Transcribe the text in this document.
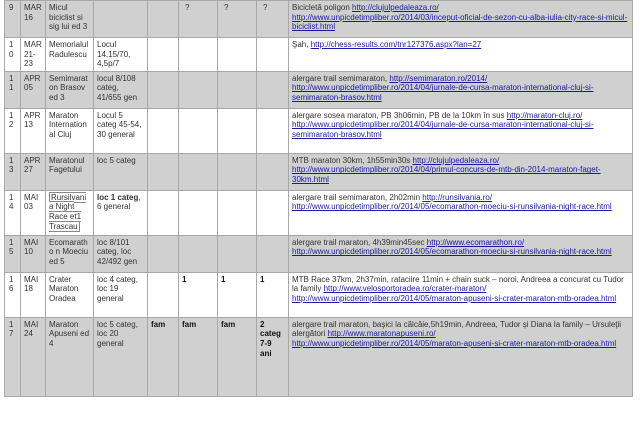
9	MAR 16	Micul biciclist si sig lui ed 3			?	?	?	Bicicletă poligon http://clujulpedaleaza.ro/
http://www.unpicdetimpliber.ro/2014/03/inceput-oficial-de-sezon-cu-alba-iulia-city-race-si-micul-biciclist.html
10	MAR 21-23	Memorialul Radulescu	Locul 14,15/70, 4,5p/7					Şah, http://chess-results.com/tnr127376.aspx?lan=27
11	APR 05	Semimaraton Brasov ed 3	locul 8/108 categ, 41/655 gen					alergare trail semimaraton, http://semimaraton.ro/2014/
http://www.unpicdetimpliber.ro/2014/04/jurnale-de-cursa-maraton-international-cluj-si-semimaraton-brasov.html
12	APR 13	Maraton International Cluj	Locul 5 categ 45-54, 30 general					alergare sosea maraton, PB 3h06min, PB de la 10km în sus http://maraton-cluj.ro/
http://www.unpicdetimpliber.ro/2014/04/jurnale-de-cursa-maraton-international-cluj-si-semimaraton-brasov.html
13	APR 27	Maratonul Fagetului	loc 5 categ					MTB maraton 30km, 1h55min30s http://clujulpedaleaza.ro/
http://www.unpicdetimpliber.ro/2014/04/primul-concurs-de-mtb-din-2014-maraton-faget-30km.html
14	MAI 03	Rursilvania Night Race et1 Trascau	loc 1 categ, 6 general					alergare trail semimaraton, 2h02min http://runsilvania.ro/
http://www.unpicdetimpliber.ro/2014/05/ecomarathon-moeciu-si-runsilvania-night-race.html
15	MAI 10	Ecomaratho n Moeciu ed 5	loc 8/101 categ, loc 42/492 gen					alergare trail maraton, 4h39min45sec http://www.ecomarathon.ro/
http://www.unpicdetimpliber.ro/2014/05/ecomarathon-moeciu-si-runsilvania-night-race.html
16	MAI 18	Crater Maraton Oradea	loc 4 categ, loc 19 general		1	1	1	MTB Race 37km, 2h37min, rataciire 11min + chain suck – noroi, Andreea a concurat cu Tudor la family http://www.velosportoradea.ro/crater-maraton/
http://www.unpicdetimpliber.ro/2014/05/maraton-apuseni-si-crater-maraton-mtb-oradea.html
17	MAI 24	Maraton Apuseni ed 4	loc 5 categ, loc 20 general	fam	fam	fam	2 categ 7-9 ani	alergare trail maraton, başici la călcâie,5h19min, Andreea, Tudor şi Diana la family – Ursuleţii alergători http://www.maratonapuseni.ro/
http://www.unpicdetimpliber.ro/2014/05/maraton-apuseni-si-crater-maraton-mtb-oradea.html
